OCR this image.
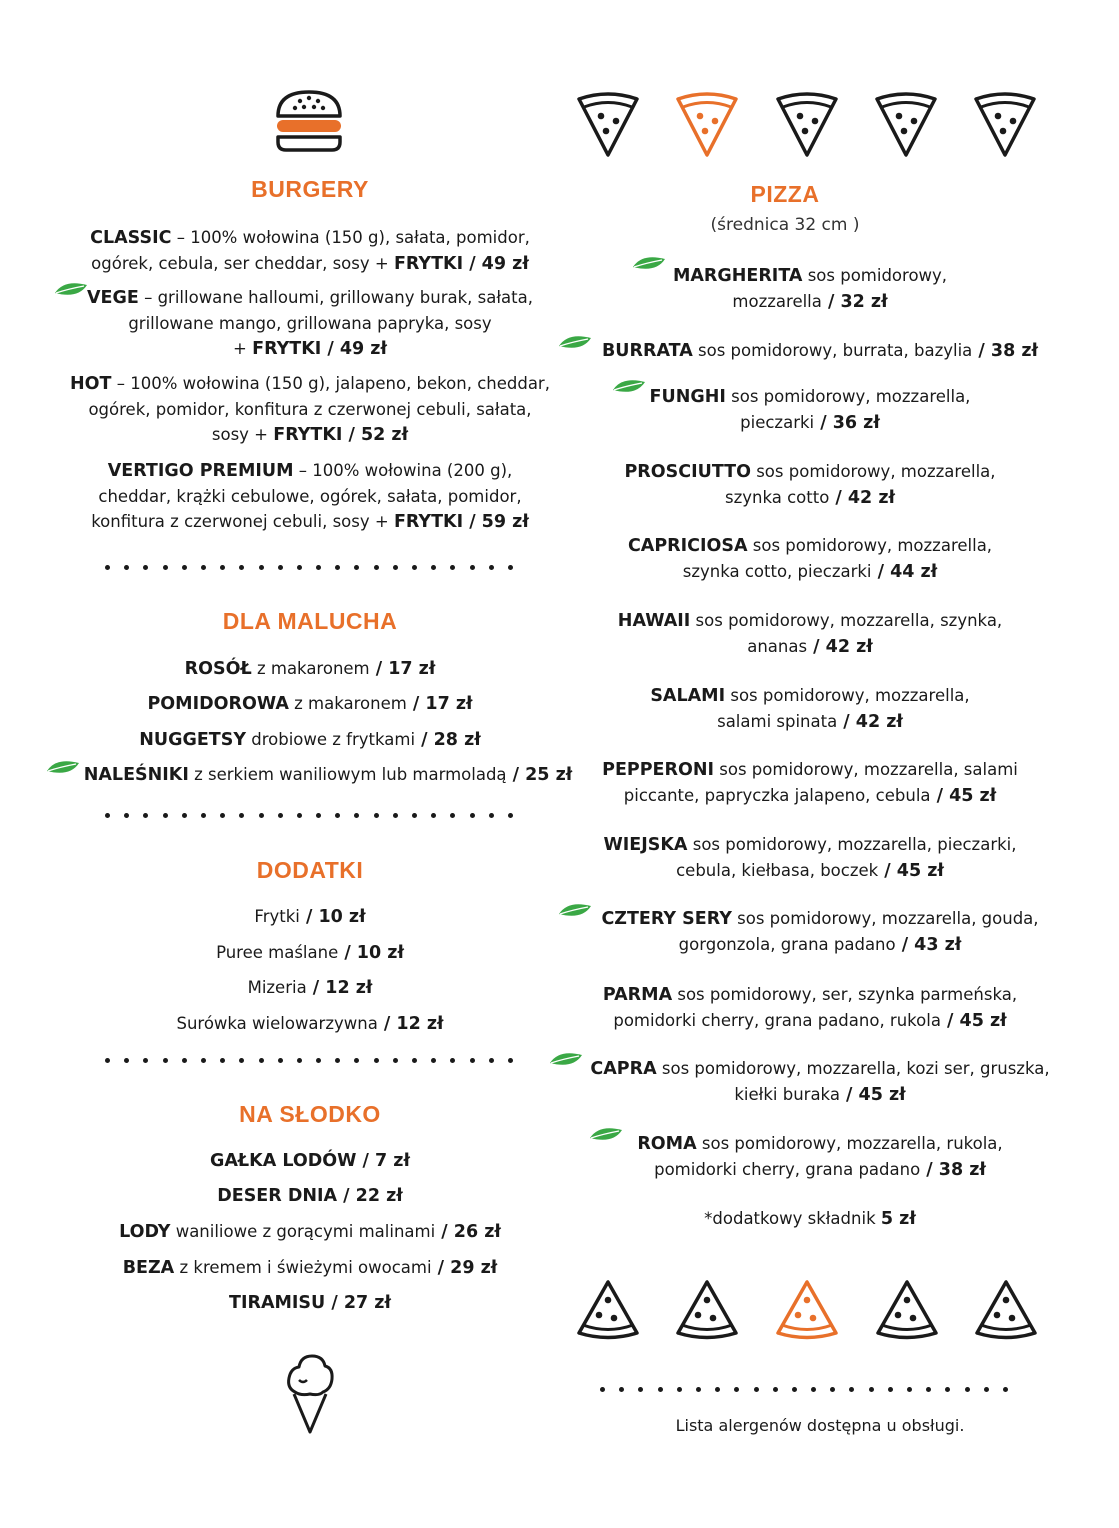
BURGERY
CLASSIC – 100% wołowina (150 g), sałata, pomidor,
ogórek, cebula, ser cheddar, sosy + FRYTKI / 49 zł
VEGE – grillowane halloumi, grillowany burak, sałata,
grillowane mango, grillowana papryka, sosy
+ FRYTKI / 49 zł
HOT – 100% wołowina (150 g), jalapeno, bekon, cheddar,
ogórek, pomidor, konfitura z czerwonej cebuli, sałata,
sosy + FRYTKI / 52 zł
VERTIGO PREMIUM – 100% wołowina (200 g),
cheddar, krążki cebulowe, ogórek, sałata, pomidor,
konfitura z czerwonej cebuli, sosy + FRYTKI / 59 zł
DLA MALUCHA
ROSÓŁ z makaronem / 17 zł
POMIDOROWA z makaronem / 17 zł
NUGGETSY drobiowe z frytkami / 28 zł
NALEŚNIKI z serkiem waniliowym lub marmoladą / 25 zł
DODATKI
Frytki / 10 zł
Puree maślane / 10 zł
Mizeria / 12 zł
Surówka wielowarzywna / 12 zł
NA SŁODKO
GAŁKA LODÓW / 7 zł
DESER DNIA / 22 zł
LODY waniliowe z gorącymi malinami / 26 zł
BEZA z kremem i świeżymi owocami / 29 zł
TIRAMISU / 27 zł
PIZZA
(średnica 32 cm )
MARGHERITA sos pomidorowy,
mozzarella / 32 zł
BURRATA sos pomidorowy, burrata, bazylia / 38 zł
FUNGHI sos pomidorowy, mozzarella,
pieczarki / 36 zł
PROSCIUTTO sos pomidorowy, mozzarella,
szynka cotto / 42 zł
CAPRICIOSA sos pomidorowy, mozzarella,
szynka cotto, pieczarki / 44 zł
HAWAII sos pomidorowy, mozzarella, szynka,
ananas / 42 zł
SALAMI sos pomidorowy, mozzarella,
salami spinata / 42 zł
PEPPERONI sos pomidorowy, mozzarella, salami
piccante, papryczka jalapeno, cebula / 45 zł
WIEJSKA sos pomidorowy, mozzarella, pieczarki,
cebula, kiełbasa, boczek / 45 zł
CZTERY SERY sos pomidorowy, mozzarella, gouda,
gorgonzola, grana padano / 43 zł
PARMA sos pomidorowy, ser, szynka parmeńska,
pomidorki cherry, grana padano, rukola / 45 zł
CAPRA sos pomidorowy, mozzarella, kozi ser, gruszka,
kiełki buraka / 45 zł
ROMA sos pomidorowy, mozzarella, rukola,
pomidorki cherry, grana padano / 38 zł
*dodatkowy składnik 5 zł
Lista alergenów dostępna u obsługi.
